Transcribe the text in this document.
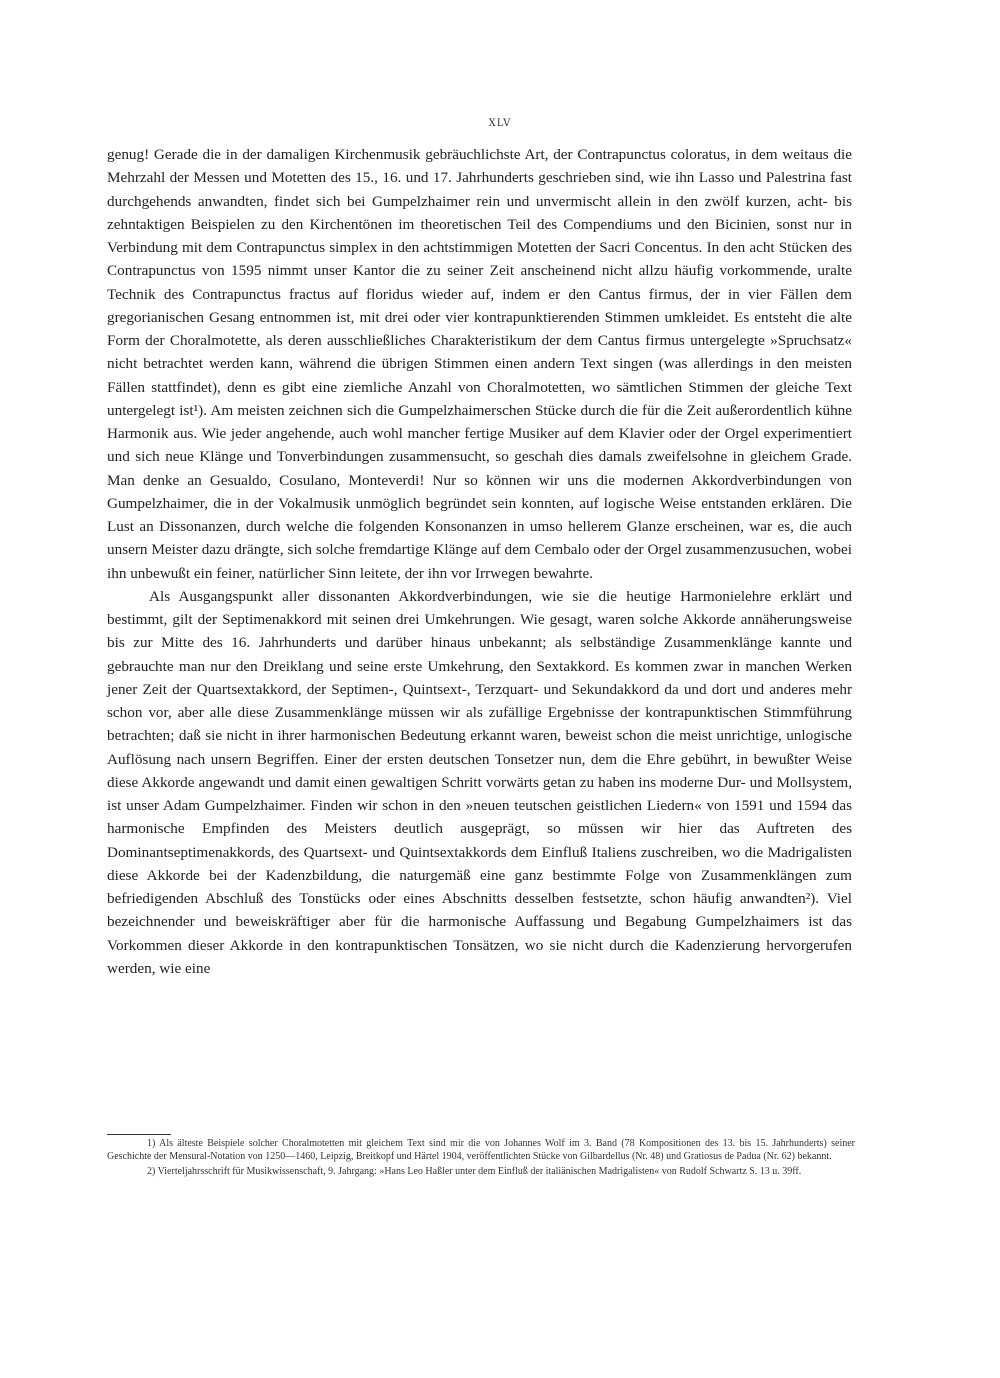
XLV

genug! Gerade die in der damaligen Kirchenmusik gebräuchlichste Art, der Contrapunctus coloratus, in dem weitaus die Mehrzahl der Messen und Motetten des 15., 16. und 17. Jahrhunderts geschrieben sind, wie ihn Lasso und Palestrina fast durchgehends anwandten, findet sich bei Gumpelzhaimer rein und unvermischt allein in den zwölf kurzen, acht- bis zehntaktigen Beispielen zu den Kirchentönen im theoretischen Teil des Compendiums und den Bicinien, sonst nur in Verbindung mit dem Contrapunctus simplex in den achtstimmigen Motetten der Sacri Concentus. In den acht Stücken des Contrapunctus von 1595 nimmt unser Kantor die zu seiner Zeit anscheinend nicht allzu häufig vorkommende, uralte Technik des Contrapunctus fractus auf floridus wieder auf, indem er den Cantus firmus, der in vier Fällen dem gregorianischen Gesang entnommen ist, mit drei oder vier kontrapunktierenden Stimmen umkleidet. Es entsteht die alte Form der Choralmotette, als deren ausschließliches Charakteristikum der dem Cantus firmus untergelegte »Spruchsatz« nicht betrachtet werden kann, während die übrigen Stimmen einen andern Text singen (was allerdings in den meisten Fällen stattfindet), denn es gibt eine ziemliche Anzahl von Choralmotetten, wo sämtlichen Stimmen der gleiche Text untergelegt ist¹). Am meisten zeichnen sich die Gumpelzhaimerschen Stücke durch die für die Zeit außerordentlich kühne Harmonik aus. Wie jeder angehende, auch wohl mancher fertige Musiker auf dem Klavier oder der Orgel experimentiert und sich neue Klänge und Tonverbindungen zusammensucht, so geschah dies damals zweifelsohne in gleichem Grade. Man denke an Gesualdo, Cosulano, Monteverdi! Nur so können wir uns die modernen Akkordverbindungen von Gumpelzhaimer, die in der Vokalmusik unmöglich begründet sein konnten, auf logische Weise entstanden erklären. Die Lust an Dissonanzen, durch welche die folgenden Konsonanzen in umso hellerem Glanze erscheinen, war es, die auch unsern Meister dazu drängte, sich solche fremdartige Klänge auf dem Cembalo oder der Orgel zusammenzusuchen, wobei ihn unbewußt ein feiner, natürlicher Sinn leitete, der ihn vor Irrwegen bewahrte.

Als Ausgangspunkt aller dissonanten Akkordverbindungen, wie sie die heutige Harmonielehre erklärt und bestimmt, gilt der Septimenakkord mit seinen drei Umkehrungen. Wie gesagt, waren solche Akkorde annäherungsweise bis zur Mitte des 16. Jahrhunderts und darüber hinaus unbekannt; als selbständige Zusammenklänge kannte und gebrauchte man nur den Dreiklang und seine erste Umkehrung, den Sextakkord. Es kommen zwar in manchen Werken jener Zeit der Quartsextakkord, der Septimen-, Quintsext-, Terzquart- und Sekundakkord da und dort und anderes mehr schon vor, aber alle diese Zusammenklänge müssen wir als zufällige Ergebnisse der kontrapunktischen Stimmführung betrachten; daß sie nicht in ihrer harmonischen Bedeutung erkannt waren, beweist schon die meist unrichtige, unlogische Auflösung nach unsern Begriffen. Einer der ersten deutschen Tonsetzer nun, dem die Ehre gebührt, in bewußter Weise diese Akkorde angewandt und damit einen gewaltigen Schritt vorwärts getan zu haben ins moderne Dur- und Mollsystem, ist unser Adam Gumpelzhaimer. Finden wir schon in den »neuen teutschen geistlichen Liedern« von 1591 und 1594 das harmonische Empfinden des Meisters deutlich ausgeprägt, so müssen wir hier das Auftreten des Dominantseptimenakkords, des Quartsext- und Quintsextakkords dem Einfluß Italiens zuschreiben, wo die Madrigalisten diese Akkorde bei der Kadenzbildung, die naturgemäß eine ganz bestimmte Folge von Zusammenklängen zum befriedigenden Abschluß des Tonstücks oder eines Abschnitts desselben festsetzte, schon häufig anwandten²). Viel bezeichnender und beweiskräftiger aber für die harmonische Auffassung und Begabung Gumpelzhaimers ist das Vorkommen dieser Akkorde in den kontrapunktischen Tonsätzen, wo sie nicht durch die Kadenzierung hervorgerufen werden, wie eine

1) Als älteste Beispiele solcher Choralmotetten mit gleichem Text sind mir die von Johannes Wolf im 3. Band (78 Kompositionen des 13. bis 15. Jahrhunderts) seiner Geschichte der Mensural-Notation von 1250—1460, Leipzig, Breitkopf und Härtel 1904, veröffentlichten Stücke von Gilbardellus (Nr. 48) und Gratiosus de Padua (Nr. 62) bekannt.

2) Vierteljahrsschrift für Musikwissenschaft, 9. Jahrgang: »Hans Leo Haßler unter dem Einfluß der italiänischen Madrigalisten« von Rudolf Schwartz S. 13 u. 39ff.
